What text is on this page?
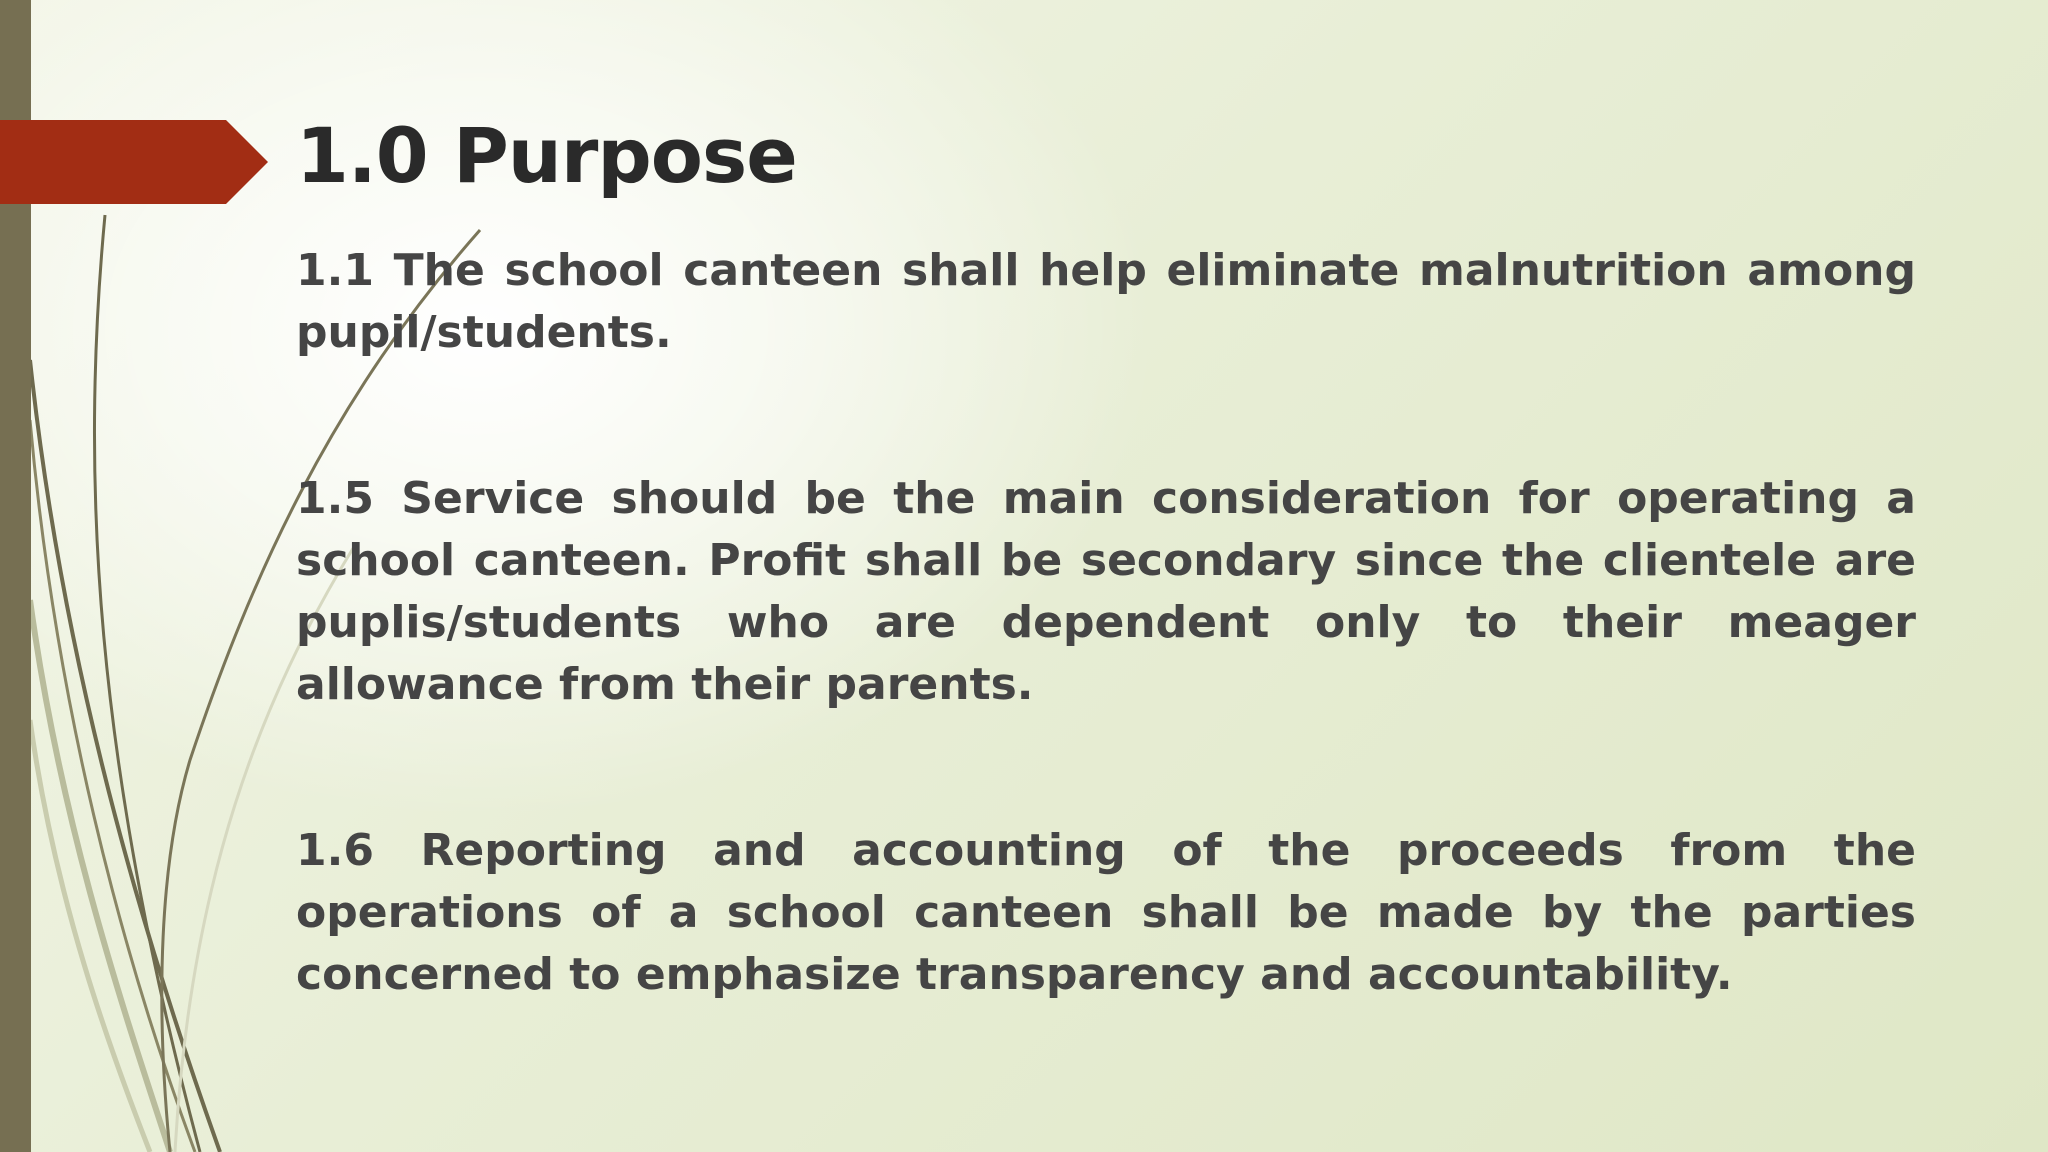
1.0 Purpose

1.1 The school canteen shall help eliminate malnutrition among pupil/students.

1.5 Service should be the main consideration for operating a school canteen. Profit shall be secondary since the clientele are puplis/students who are dependent only to their meager allowance from their parents.

1.6 Reporting and accounting of the proceeds from the operations of a school canteen shall be made by the parties concerned to emphasize transparency and accountability.
